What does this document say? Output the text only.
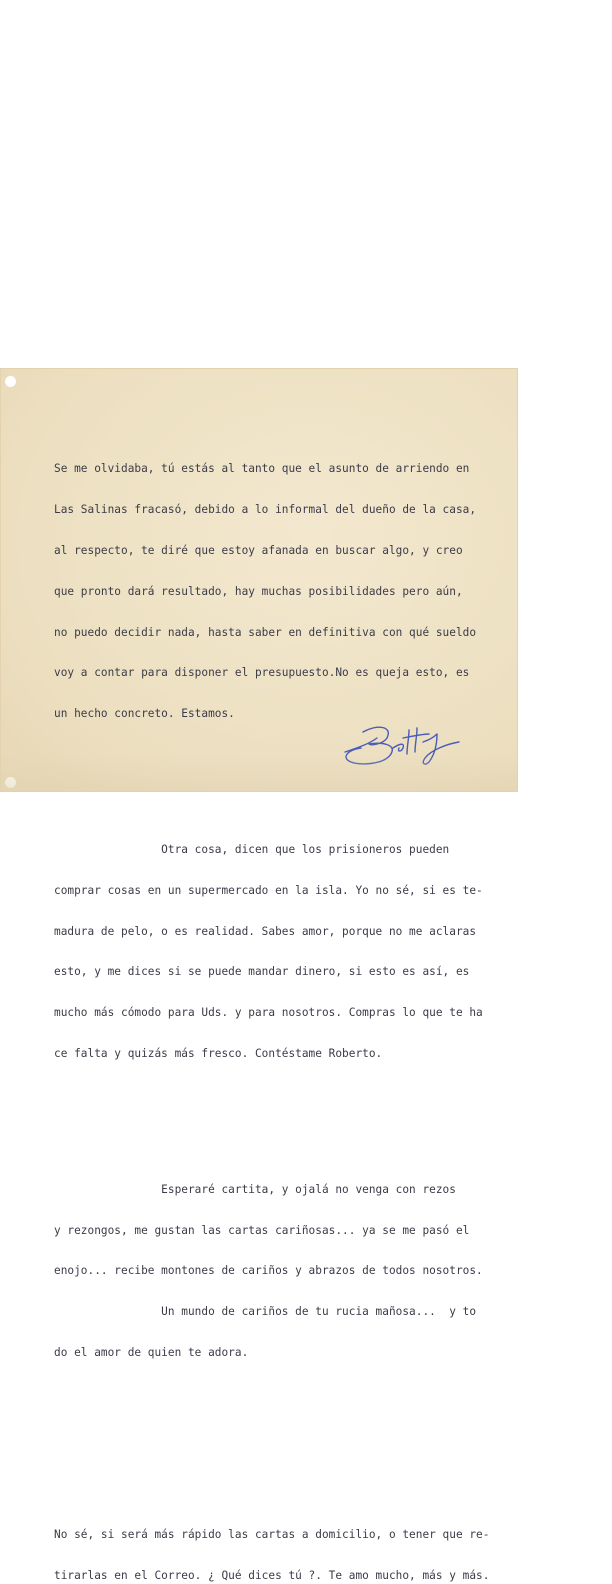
Se me olvidaba, tú estás al tanto que el asunto de arriendo en

Las Salinas fracasó, debido a lo informal del dueño de la casa,

al respecto, te diré que estoy afanada en buscar algo, y creo

que pronto dará resultado, hay muchas posibilidades pero aún,

no puedo decidir nada, hasta saber en definitiva con qué sueldo

voy a contar para disponer el presupuesto.No es queja esto, es

un hecho concreto. Estamos.

Otra cosa, dicen que los prisioneros pueden

comprar cosas en un supermercado en la isla. Yo no sé, si es te-

madura de pelo, o es realidad. Sabes amor, porque no me aclaras

esto, y me dices si se puede mandar dinero, si esto es así, es

mucho más cómodo para Uds. y para nosotros. Compras lo que te ha

ce falta y quizás más fresco. Contéstame Roberto.

Esperaré cartita, y ojalá no venga con rezos

y rezongos, me gustan las cartas cariñosas... ya se me pasó el

enojo... recibe montones de cariños y abrazos de todos nosotros.

Un mundo de cariños de tu rucia mañosa...  y to

do el amor de quien te adora.

No sé, si será más rápido las cartas a domicilio, o tener que re-

tirarlas en el Correo. ¿ Qué dices tú ?. Te amo mucho, más y más.
